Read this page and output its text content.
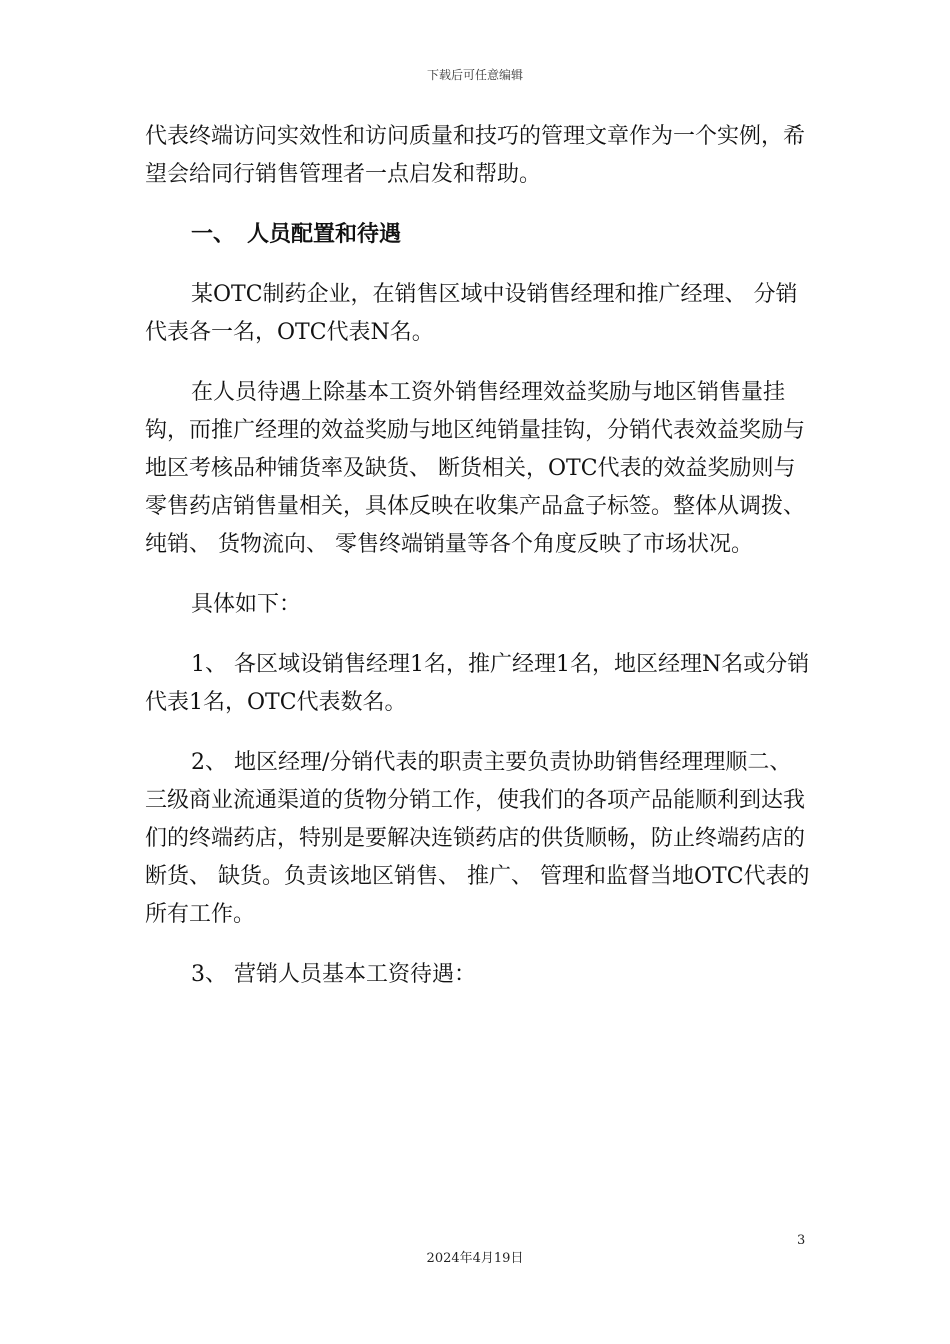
下载后可任意编辑

代表终端访问实效性和访问质量和技巧的管理文章作为一个实例，希望会给同行销售管理者一点启发和帮助。

一、 人员配置和待遇

某OTC制药企业，在销售区域中设销售经理和推广经理、 分销代表各一名，OTC代表N名。

在人员待遇上除基本工资外销售经理效益奖励与地区销售量挂钩，而推广经理的效益奖励与地区纯销量挂钩，分销代表效益奖励与地区考核品种铺货率及缺货、 断货相关，OTC代表的效益奖励则与零售药店销售量相关，具体反映在收集产品盒子标签。整体从调拨、 纯销、 货物流向、 零售终端销量等各个角度反映了市场状况。

具体如下：

1、 各区域设销售经理1名，推广经理1名，地区经理N名或分销代表1名，OTC代表数名。

2、 地区经理/分销代表的职责主要负责协助销售经理理顺二、 三级商业流通渠道的货物分销工作，使我们的各项产品能顺利到达我们的终端药店，特别是要解决连锁药店的供货顺畅，防止终端药店的断货、 缺货。负责该地区销售、 推广、 管理和监督当地OTC代表的所有工作。

3、 营销人员基本工资待遇：

3
2024年4月19日
